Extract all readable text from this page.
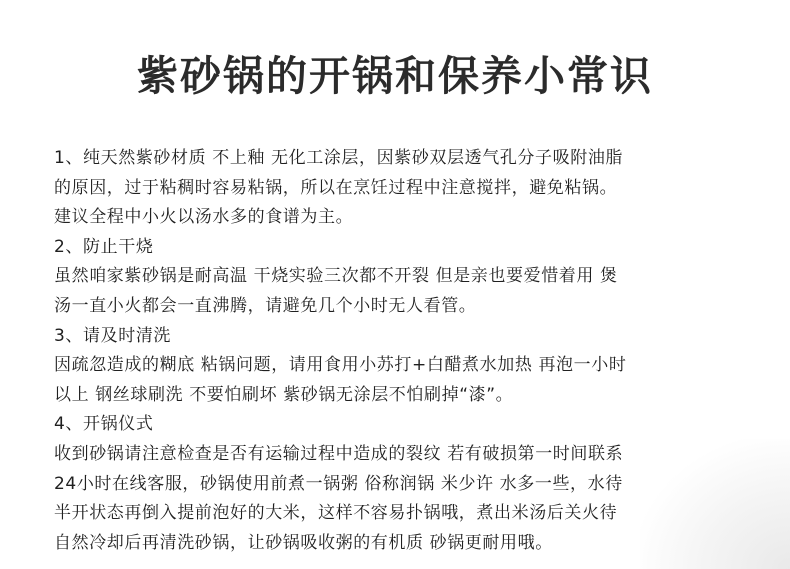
紫砂锅的开锅和保养小常识
1、纯天然紫砂材质 不上釉 无化工涂层，因紫砂双层透气孔分子吸附油脂
的原因，过于粘稠时容易粘锅，所以在烹饪过程中注意搅拌，避免粘锅。
建议全程中小火以汤水多的食谱为主。
2、防止干烧
虽然咱家紫砂锅是耐高温 干烧实验三次都不开裂 但是亲也要爱惜着用 煲
汤一直小火都会一直沸腾，请避免几个小时无人看管。
3、请及时清洗
因疏忽造成的糊底 粘锅问题，请用食用小苏打+白醋煮水加热 再泡一小时
以上 钢丝球刷洗 不要怕刷坏 紫砂锅无涂层不怕刷掉“漆”。
4、开锅仪式
收到砂锅请注意检查是否有运输过程中造成的裂纹 若有破损第一时间联系
24小时在线客服，砂锅使用前煮一锅粥 俗称润锅 米少许 水多一些，水待
半开状态再倒入提前泡好的大米，这样不容易扑锅哦，煮出米汤后关火待
自然冷却后再清洗砂锅，让砂锅吸收粥的有机质 砂锅更耐用哦。
